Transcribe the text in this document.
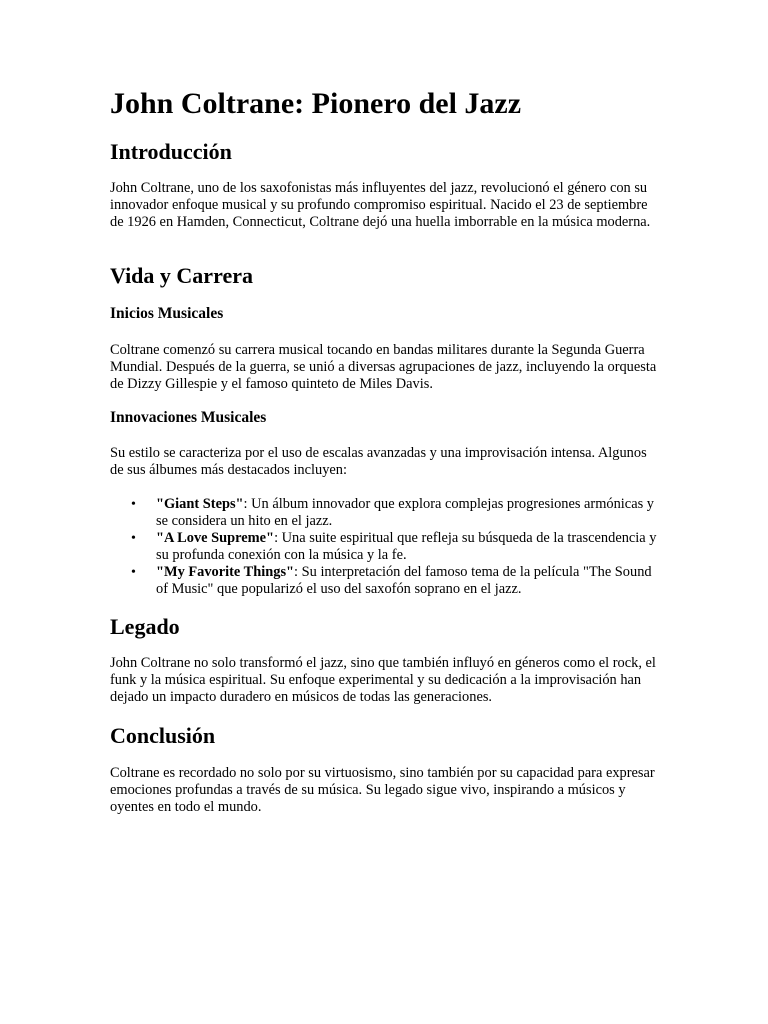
John Coltrane: Pionero del Jazz
Introducción

John Coltrane, uno de los saxofonistas más influyentes del jazz, revolucionó el género con su innovador enfoque musical y su profundo compromiso espiritual. Nacido el 23 de septiembre de 1926 en Hamden, Connecticut, Coltrane dejó una huella imborrable en la música moderna.

Vida y Carrera
Inicios Musicales

Coltrane comenzó su carrera musical tocando en bandas militares durante la Segunda Guerra Mundial. Después de la guerra, se unió a diversas agrupaciones de jazz, incluyendo la orquesta de Dizzy Gillespie y el famoso quinteto de Miles Davis.

Innovaciones Musicales

Su estilo se caracteriza por el uso de escalas avanzadas y una improvisación intensa. Algunos de sus álbumes más destacados incluyen:

• "Giant Steps": Un álbum innovador que explora complejas progresiones armónicas y se considera un hito en el jazz.
• "A Love Supreme": Una suite espiritual que refleja su búsqueda de la trascendencia y su profunda conexión con la música y la fe.
• "My Favorite Things": Su interpretación del famoso tema de la película "The Sound of Music" que popularizó el uso del saxofón soprano en el jazz.
Legado

John Coltrane no solo transformó el jazz, sino que también influyó en géneros como el rock, el funk y la música espiritual. Su enfoque experimental y su dedicación a la improvisación han dejado un impacto duradero en músicos de todas las generaciones.

Conclusión

Coltrane es recordado no solo por su virtuosismo, sino también por su capacidad para expresar emociones profundas a través de su música. Su legado sigue vivo, inspirando a músicos y oyentes en todo el mundo.
